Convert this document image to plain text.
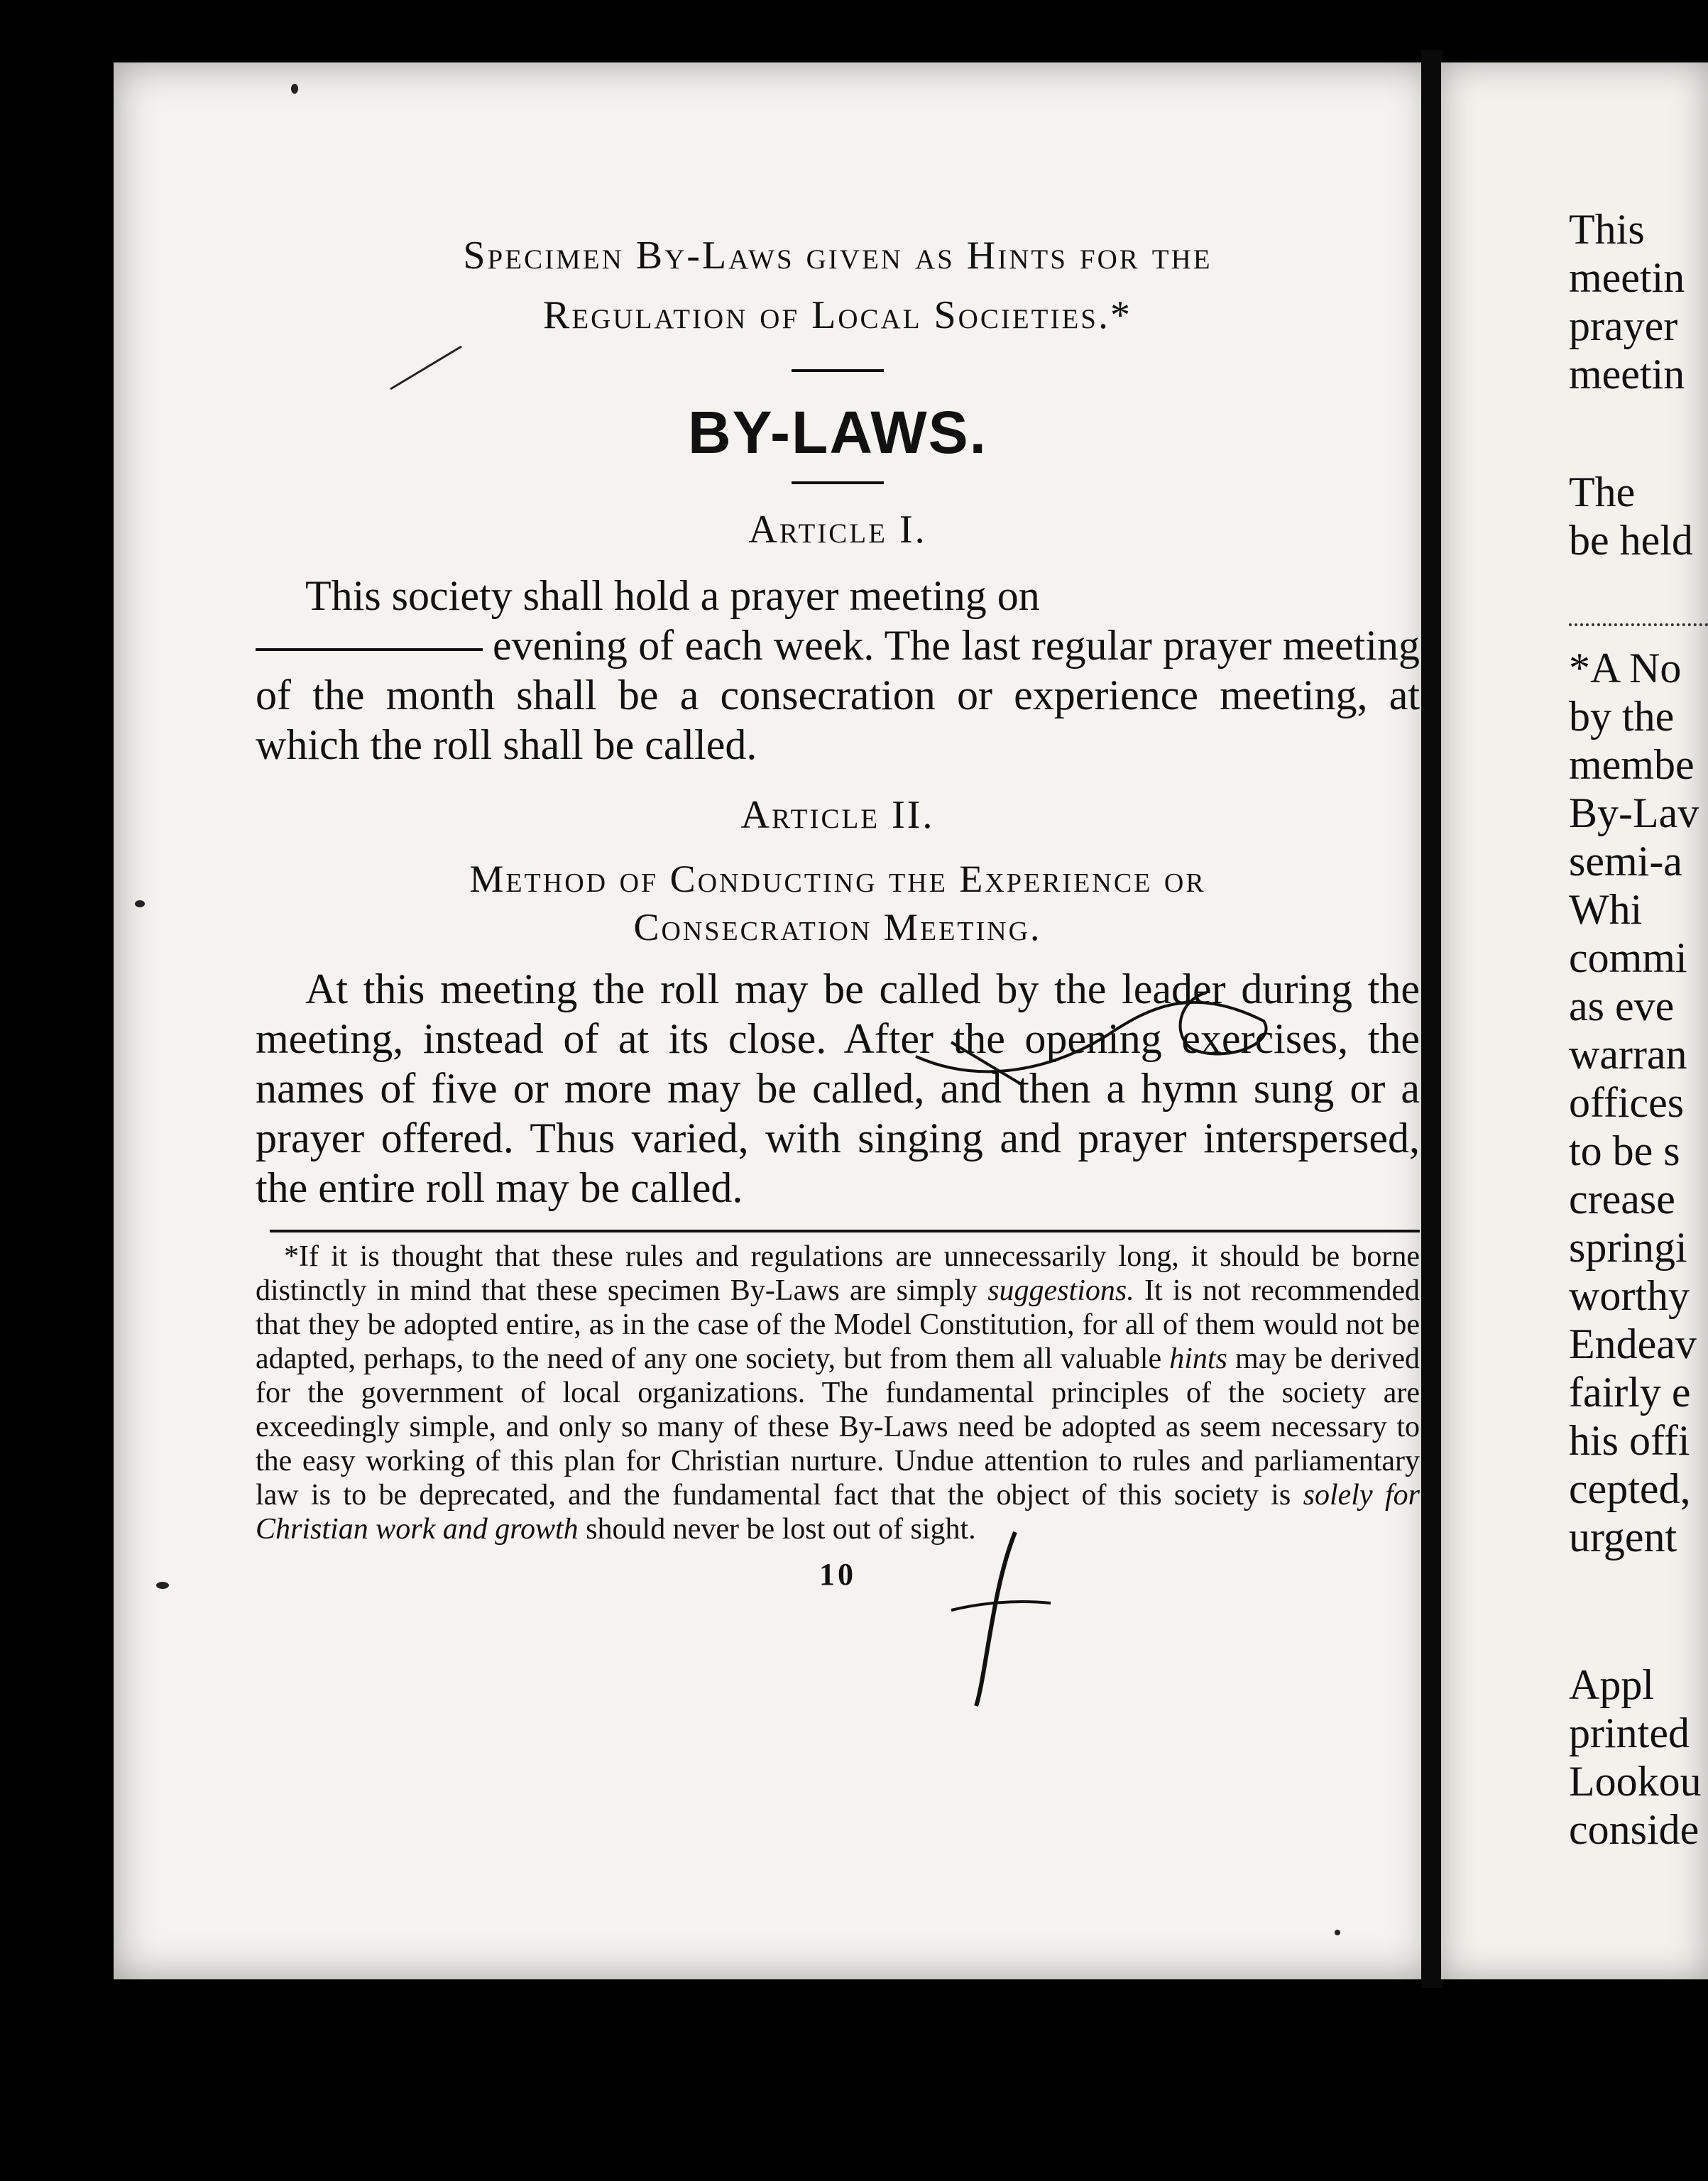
Specimen By-Laws given as Hints for the

Regulation of Local Societies.*

BY-LAWS.

Article I.

This society shall hold a prayer meeting on
evening of each week. The last regular prayer meeting of the month shall be a consecration or experience meeting, at which the roll shall be called.

Article II.

Method of Conducting the Experience or

Consecration Meeting.

At this meeting the roll may be called by the leader during the meeting, instead of at its close. After the opening exercises, the names of five or more may be called, and then a hymn sung or a prayer offered. Thus varied, with singing and prayer interspersed, the entire roll may be called.

*If it is thought that these rules and regulations are unnecessarily long, it should be borne distinctly in mind that these specimen By-Laws are simply suggestions. It is not recommended that they be adopted entire, as in the case of the Model Constitution, for all of them would not be adapted, perhaps, to the need of any one society, but from them all valuable hints may be derived for the government of local organizations. The fundamental principles of the society are exceedingly simple, and only so many of these By-Laws need be adopted as seem necessary to the easy working of this plan for Christian nurture. Undue attention to rules and parliamentary law is to be deprecated, and the fundamental fact that the object of this society is solely for Christian work and growth should never be lost out of sight.

10

This
meetin
prayer
meetin
The
be held
*A No
by the
membe
By-Lav
semi-a
Whi
commi
as eve
warran
offices
to be s
crease
springi
worthy
Endeav
fairly e
his offi
cepted,
urgent
Appl
printed
Lookou
conside
